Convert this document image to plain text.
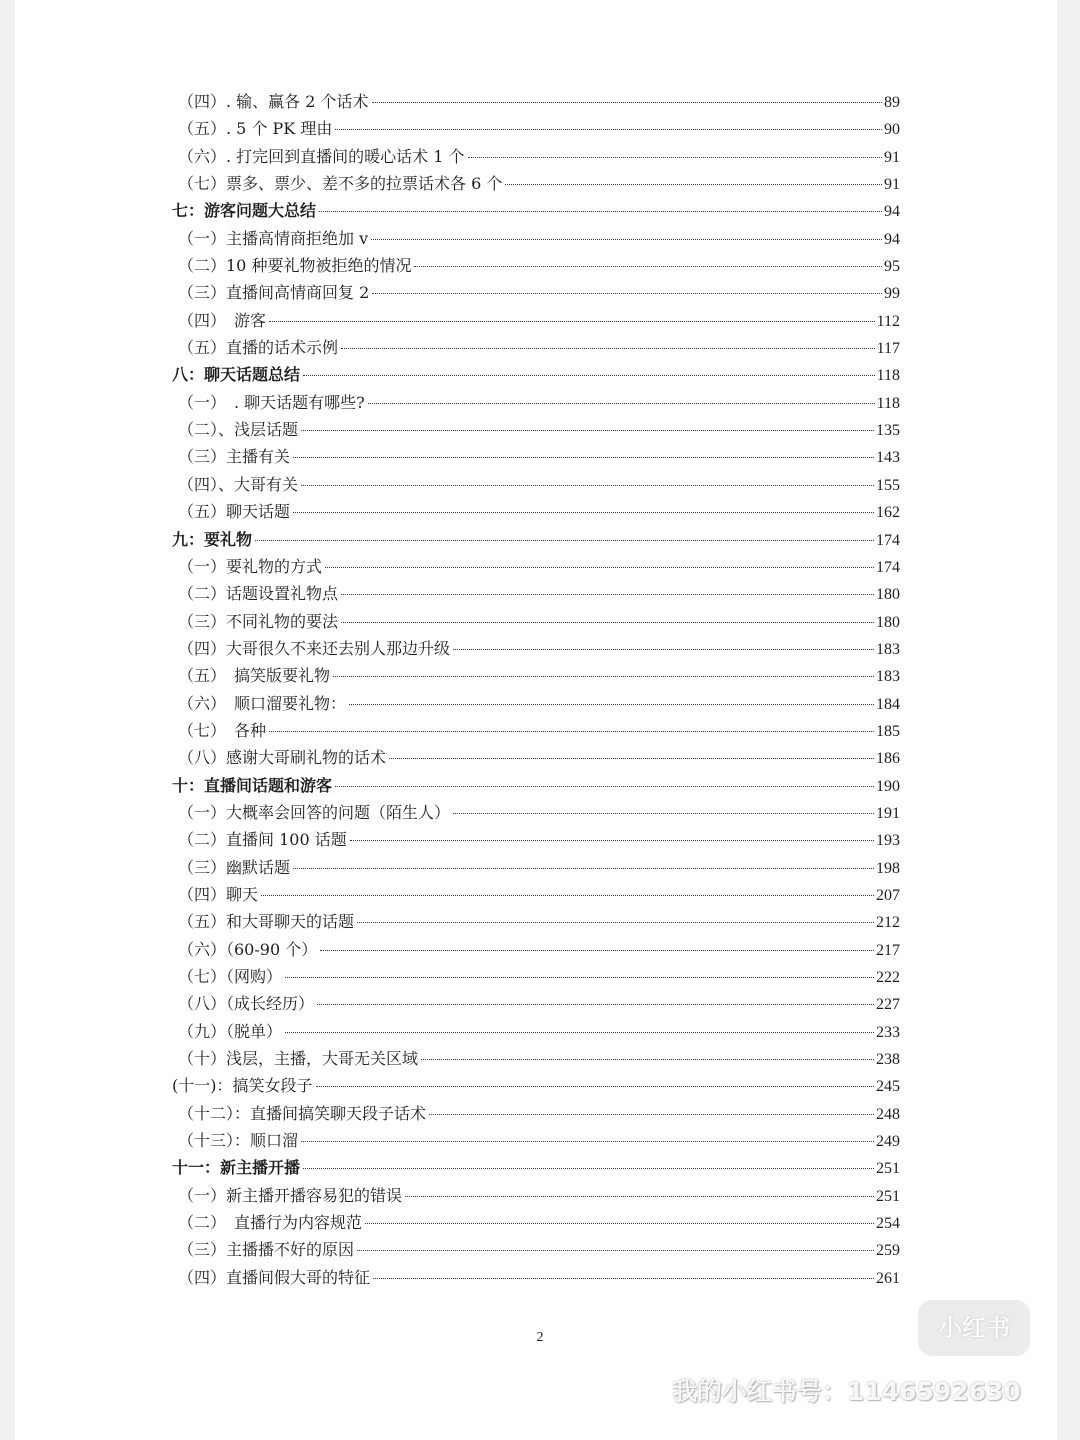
（四）. 输、赢各 2 个话术	89
（五）. 5 个 PK 理由	90
（六）. 打完回到直播间的暖心话术 1 个	91
（七）票多、票少、差不多的拉票话术各 6 个	91
七：游客问题大总结	94
（一）主播高情商拒绝加 v	94
（二）10 种要礼物被拒绝的情况	95
（三）直播间高情商回复 2	99
（四）　游客	112
（五）直播的话术示例	117
八：聊天话题总结	118
（一）　. 聊天话题有哪些?	118
（二）、浅层话题	135
（三）主播有关	143
（四）、大哥有关	155
（五）聊天话题	162
九：要礼物	174
（一）要礼物的方式	174
（二）话题设置礼物点	180
（三）不同礼物的要法	180
（四）大哥很久不来还去别人那边升级	183
（五）　搞笑版要礼物	183
（六）　顺口溜要礼物：	184
（七）　各种	185
（八）感谢大哥刷礼物的话术	186
十：直播间话题和游客	190
（一）大概率会回答的问题（陌生人）	191
（二）直播间 100 话题	193
（三）幽默话题	198
（四）聊天	207
（五）和大哥聊天的话题	212
（六）（60-90 个）	217
（七）（网购）	222
（八）（成长经历）	227
（九）（脱单）	233
（十）浅层，主播，大哥无关区域	238
(十一)：搞笑女段子	245
（十二）：直播间搞笑聊天段子话术	248
（十三）：顺口溜	249
十一：新主播开播	251
（一）新主播开播容易犯的错误	251
（二）　直播行为内容规范	254
（三）主播播不好的原因	259
（四）直播间假大哥的特征	261
2	小红书
我的小红书号：1146592630
